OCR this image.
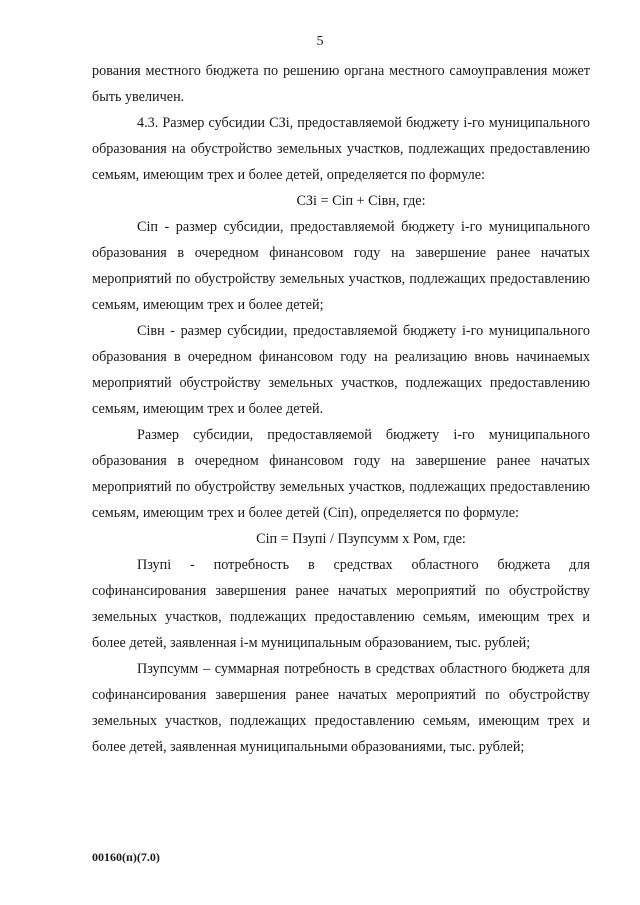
5

рования местного бюджета по решению органа местного самоуправления может быть увеличен.

4.3. Размер субсидии СЗi, предоставляемой бюджету i-го муниципального образования на обустройство земельных участков, подлежащих предоставлению семьям, имеющим трех и более детей, определяется по формуле:

СЗi = Сiп + Сiвн, где:

Сiп - размер субсидии, предоставляемой бюджету i-го муниципального образования в очередном финансовом году на завершение ранее начатых мероприятий по обустройству земельных участков, подлежащих предоставлению семьям, имеющим трех и более детей;

Сiвн - размер субсидии, предоставляемой бюджету i-го муниципального образования в очередном финансовом году на реализацию вновь начинаемых мероприятий обустройству земельных участков, подлежащих предоставлению семьям, имеющим трех и более детей.

Размер субсидии, предоставляемой бюджету i-го муниципального образования в очередном финансовом году на завершение ранее начатых мероприятий по обустройству земельных участков, подлежащих предоставлению семьям, имеющим трех и более детей (Сiп), определяется по формуле:

Сiп = Пзупi / Пзупсумм х Ром, где:

Пзупi - потребность в средствах областного бюджета для софинансирования завершения ранее начатых мероприятий по обустройству земельных участков, подлежащих предоставлению семьям, имеющим трех и более детей, заявленная i-м муниципальным образованием, тыс. рублей;

Пзупсумм – суммарная потребность в средствах областного бюджета для софинансирования завершения ранее начатых мероприятий по обустройству земельных участков, подлежащих предоставлению семьям, имеющим трех и более детей, заявленная муниципальными образованиями, тыс. рублей;

00160(п)(7.0)
